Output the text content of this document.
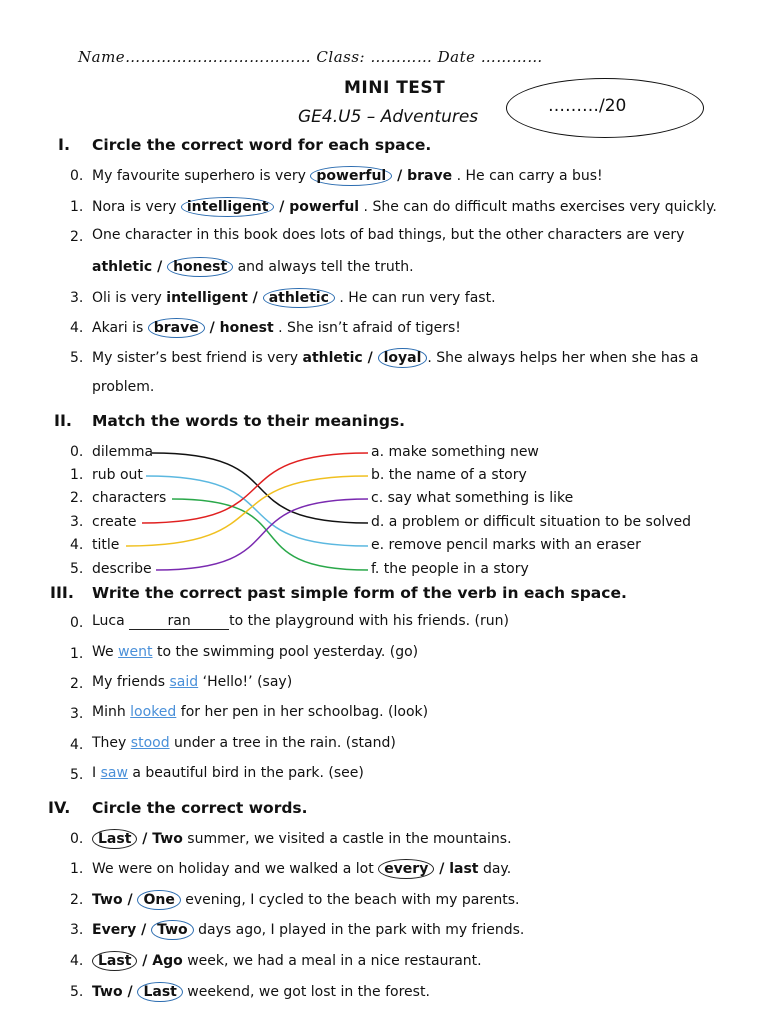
Name……………………………… Class: ………… Date …………
MINI TEST
GE4.U5 – Adventures
………/20
I. Circle the correct word for each space.
0. My favourite superhero is very powerful / brave . He can carry a bus!
1. Nora is very intelligent / powerful . She can do difficult maths exercises very quickly.
2. One character in this book does lots of bad things, but the other characters are very
athletic / honest and always tell the truth.
3. Oli is very intelligent / athletic . He can run very fast.
4. Akari is brave / honest . She isn’t afraid of tigers!
5. My sister’s best friend is very athletic / loyal . She always helps her when she has a
problem.
II. Match the words to their meanings.
0. dilemma
1. rub out
2. characters
3. create
4. title
5. describe
a. make something new
b. the name of a story
c. say what something is like
d. a problem or difficult situation to be solved
e. remove pencil marks with an eraser
f. the people in a story
III. Write the correct past simple form of the verb in each space.
0. Luca	ran	to the playground with his friends. (run)
1. We went to the swimming pool yesterday. (go)
2. My friends said ‘Hello!’ (say)
3. Minh looked for her pen in her schoolbag. (look)
4. They stood under a tree in the rain. (stand)
5. I saw a beautiful bird in the park. (see)
IV. Circle the correct words.
0.	Last / Two summer, we visited a castle in the mountains.
1. We were on holiday and we walked a lot every / last day.
2. Two / One evening, I cycled to the beach with my parents.
3. Every / Two days ago, I played in the park with my friends.
4.	Last / Ago week, we had a meal in a nice restaurant.
5. Two / Last weekend, we got lost in the forest.
